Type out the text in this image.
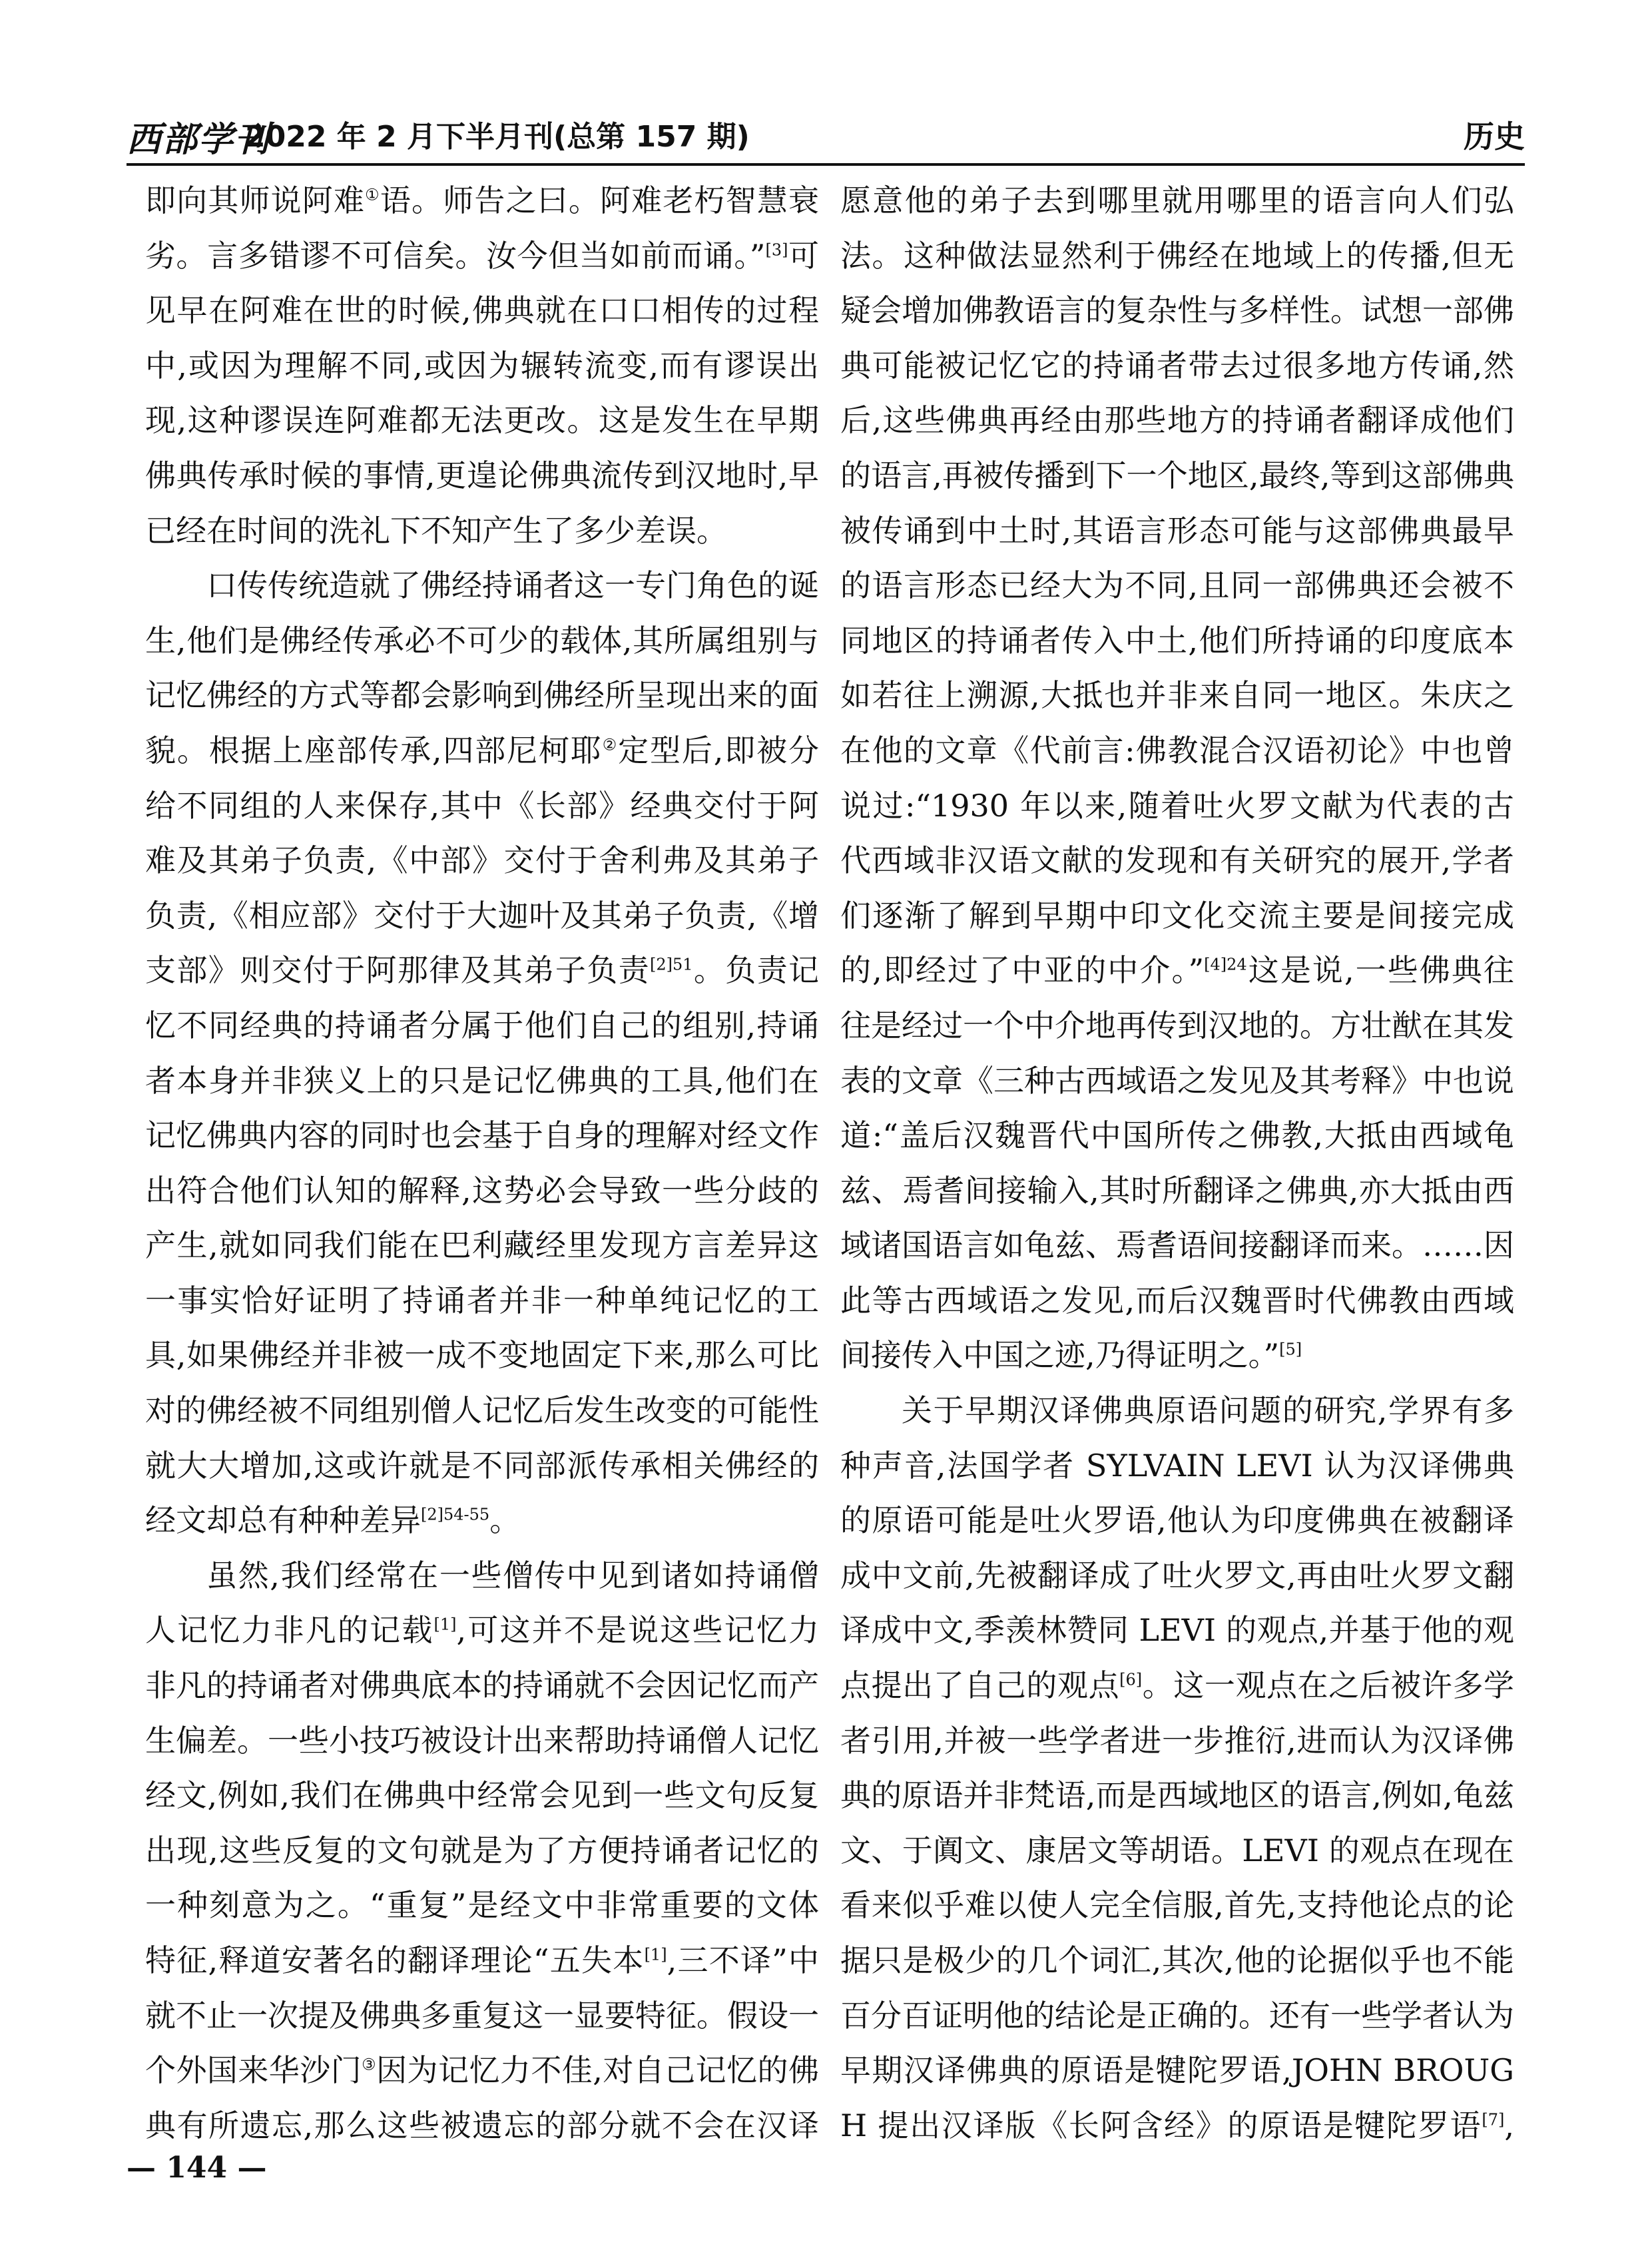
西部学刊
2022 年 2 月下半月刊(总第 157 期)	历史

即向其师说阿难①语。师告之曰。阿难老朽智慧衰劣。言多错谬不可信矣。汝今但当如前而诵。”[3]可见早在阿难在世的时候,佛典就在口口相传的过程中,或因为理解不同,或因为辗转流变,而有谬误出现,这种谬误连阿难都无法更改。这是发生在早期佛典传承时候的事情,更遑论佛典流传到汉地时,早已经在时间的洗礼下不知产生了多少差误。

口传传统造就了佛经持诵者这一专门角色的诞生,他们是佛经传承必不可少的载体,其所属组别与记忆佛经的方式等都会影响到佛经所呈现出来的面貌。根据上座部传承,四部尼柯耶②定型后,即被分给不同组的人来保存,其中《长部》经典交付于阿难及其弟子负责,《中部》交付于舍利弗及其弟子负责,《相应部》交付于大迦叶及其弟子负责,《增支部》则交付于阿那律及其弟子负责$^{[2]51}$。负责记忆不同经典的持诵者分属于他们自己的组别,持诵者本身并非狭义上的只是记忆佛典的工具,他们在记忆佛典内容的同时也会基于自身的理解对经文作出符合他们认知的解释,这势必会导致一些分歧的产生,就如同我们能在巴利藏经里发现方言差异这一事实恰好证明了持诵者并非一种单纯记忆的工具,如果佛经并非被一成不变地固定下来,那么可比对的佛经被不同组别僧人记忆后发生改变的可能性就大大增加,这或许就是不同部派传承相关佛经的经文却总有种种差异$^{[2]54-55}$。

虽然,我们经常在一些僧传中见到诸如持诵僧人记忆力非凡的记载[1],可这并不是说这些记忆力非凡的持诵者对佛典底本的持诵就不会因记忆而产生偏差。一些小技巧被设计出来帮助持诵僧人记忆经文,例如,我们在佛典中经常会见到一些文句反复出现,这些反复的文句就是为了方便持诵者记忆的一种刻意为之。“重复”是经文中非常重要的文体特征,释道安著名的翻译理论“五失本[1],三不译”中就不止一次提及佛典多重复这一显要特征。假设一个外国来华沙门③因为记忆力不佳,对自己记忆的佛典有所遗忘,那么这些被遗忘的部分就不会在汉译

愿意他的弟子去到哪里就用哪里的语言向人们弘法。这种做法显然利于佛经在地域上的传播,但无疑会增加佛教语言的复杂性与多样性。试想一部佛典可能被记忆它的持诵者带去过很多地方传诵,然后,这些佛典再经由那些地方的持诵者翻译成他们的语言,再被传播到下一个地区,最终,等到这部佛典被传诵到中土时,其语言形态可能与这部佛典最早的语言形态已经大为不同,且同一部佛典还会被不同地区的持诵者传入中土,他们所持诵的印度底本如若往上溯源,大抵也并非来自同一地区。朱庆之在他的文章《代前言:佛教混合汉语初论》中也曾说过:“1930 年以来,随着吐火罗文献为代表的古代西域非汉语文献的发现和有关研究的展开,学者们逐渐了解到早期中印文化交流主要是间接完成的,即经过了中亚的中介。”$^{[4]24}$这是说,一些佛典往往是经过一个中介地再传到汉地的。方壮猷在其发表的文章《三种古西域语之发见及其考释》中也说道:“盖后汉魏晋代中国所传之佛教,大抵由西域龟兹、焉耆间接输入,其时所翻译之佛典,亦大抵由西域诸国语言如龟兹、焉耆语间接翻译而来。……因此等古西域语之发见,而后汉魏晋时代佛教由西域间接传入中国之迹,乃得证明之。”[5]

关于早期汉译佛典原语问题的研究,学界有多种声音,法国学者 SYLVAIN LEVI 认为汉译佛典的原语可能是吐火罗语,他认为印度佛典在被翻译成中文前,先被翻译成了吐火罗文,再由吐火罗文翻译成中文,季羡林赞同 LEVI 的观点,并基于他的观点提出了自己的观点[6]。这一观点在之后被许多学者引用,并被一些学者进一步推衍,进而认为汉译佛典的原语并非梵语,而是西域地区的语言,例如,龟兹文、于阗文、康居文等胡语。LEVI 的观点在现在看来似乎难以使人完全信服,首先,支持他论点的论据只是极少的几个词汇,其次,他的论据似乎也不能百分百证明他的结论是正确的。还有一些学者认为早期汉译佛典的原语是犍陀罗语,JOHN BROUGH 提出汉译版《长阿含经》的原语是犍陀罗语[7],

— 144 —
